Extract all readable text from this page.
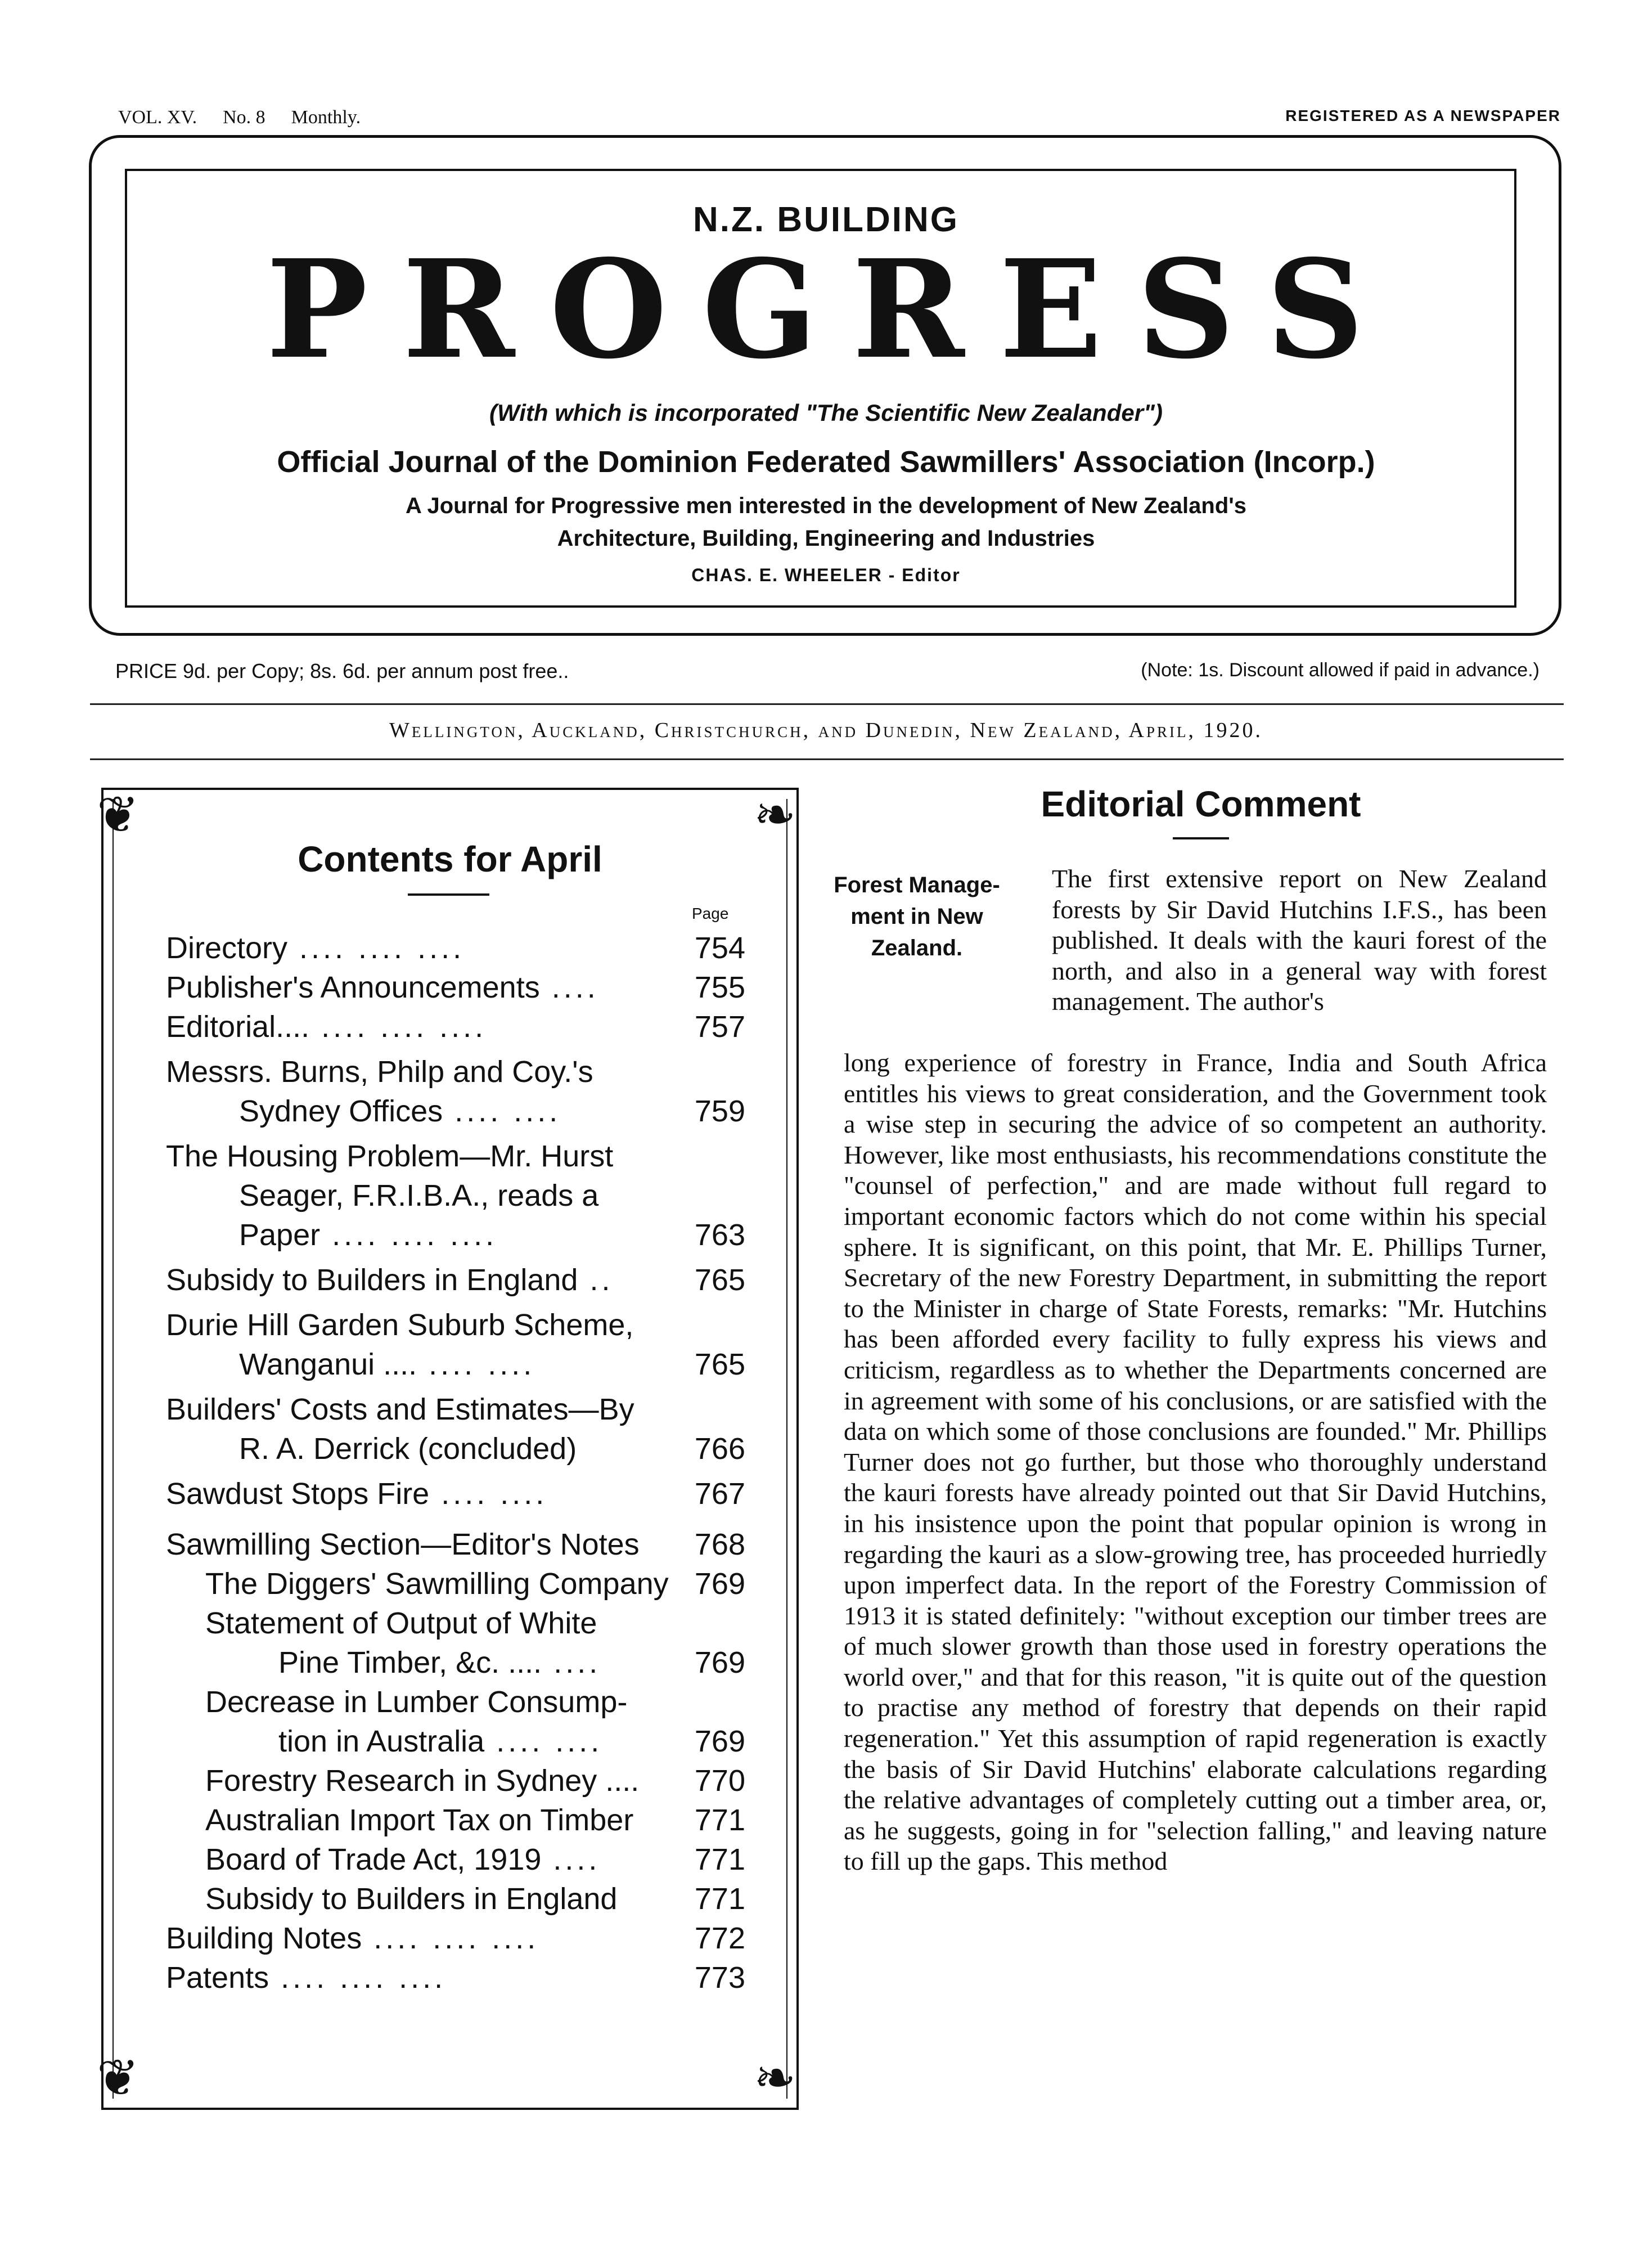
VOL. XV. No. 8 Monthly.	REGISTERED AS A NEWSPAPER
N.Z. BUILDING
PROGRESS
(With which is incorporated "The Scientific New Zealander")
Official Journal of the Dominion Federated Sawmillers' Association (Incorp.)
A Journal for Progressive men interested in the development of New Zealand's
Architecture, Building, Engineering and Industries
CHAS. E. WHEELER - Editor
PRICE 9d. per Copy; 8s. 6d. per annum post free..	(Note: 1s. Discount allowed if paid in advance.)
Wellington, Auckland, Christchurch, and Dunedin, New Zealand, April, 1920.
❦	❧
❦	❧
Contents for April
Page
Directory .... .... ....	754
Publisher's Announcements ....	755
Editorial.... .... .... ....	757
Messrs. Burns, Philp and Coy.'s
Sydney Offices .... ....	759
The Housing Problem—Mr. Hurst
Seager, F.R.I.B.A., reads a
Paper .... .... ....	763
Subsidy to Builders in England ..	765
Durie Hill Garden Suburb Scheme,
Wanganui .... .... ....	765
Builders' Costs and Estimates—By
R. A. Derrick (concluded)	766
Sawdust Stops Fire .... ....	767
Sawmilling Section—Editor's Notes	768
The Diggers' Sawmilling Company 769
Statement of Output of White
Pine Timber, &c. .... ....	769
Decrease in Lumber Consump-
tion in Australia .... ....	769
Forestry Research in Sydney ....	770
Australian Import Tax on Timber	771
Board of Trade Act, 1919 ....	771
Subsidy to Builders in England	771
Building Notes .... .... ....	772
Patents .... .... ....	773
Editorial Comment
Forest Manage- ment in New Zealand.
The first extensive report on New Zealand forests by Sir David Hutchins I.F.S., has been published. It deals with the kauri forest of the north, and also in a general way with forest management. The author's

long experience of forestry in France, India and South Africa entitles his views to great consideration, and the Government took a wise step in securing the advice of so competent an authority. However, like most enthusiasts, his recommendations constitute the "counsel of perfection," and are made without full regard to important economic factors which do not come within his special sphere. It is significant, on this point, that Mr. E. Phillips Turner, Secretary of the new Forestry Department, in submitting the report to the Minister in charge of State Forests, remarks: "Mr. Hutchins has been afforded every facility to fully express his views and criticism, regardless as to whether the Departments concerned are in agreement with some of his conclusions, or are satisfied with the data on which some of those conclusions are founded." Mr. Phillips Turner does not go further, but those who thoroughly understand the kauri forests have already pointed out that Sir David Hutchins, in his insistence upon the point that popular opinion is wrong in regarding the kauri as a slow-growing tree, has proceeded hurriedly upon imperfect data. In the report of the Forestry Commission of 1913 it is stated definitely: "without exception our timber trees are of much slower growth than those used in forestry operations the world over," and that for this reason, "it is quite out of the question to practise any method of forestry that depends on their rapid regeneration." Yet this assumption of rapid regeneration is exactly the basis of Sir David Hutchins' elaborate calculations regarding the relative advantages of completely cutting out a timber area, or, as he suggests, going in for "selection falling," and leaving nature to fill up the gaps. This method
